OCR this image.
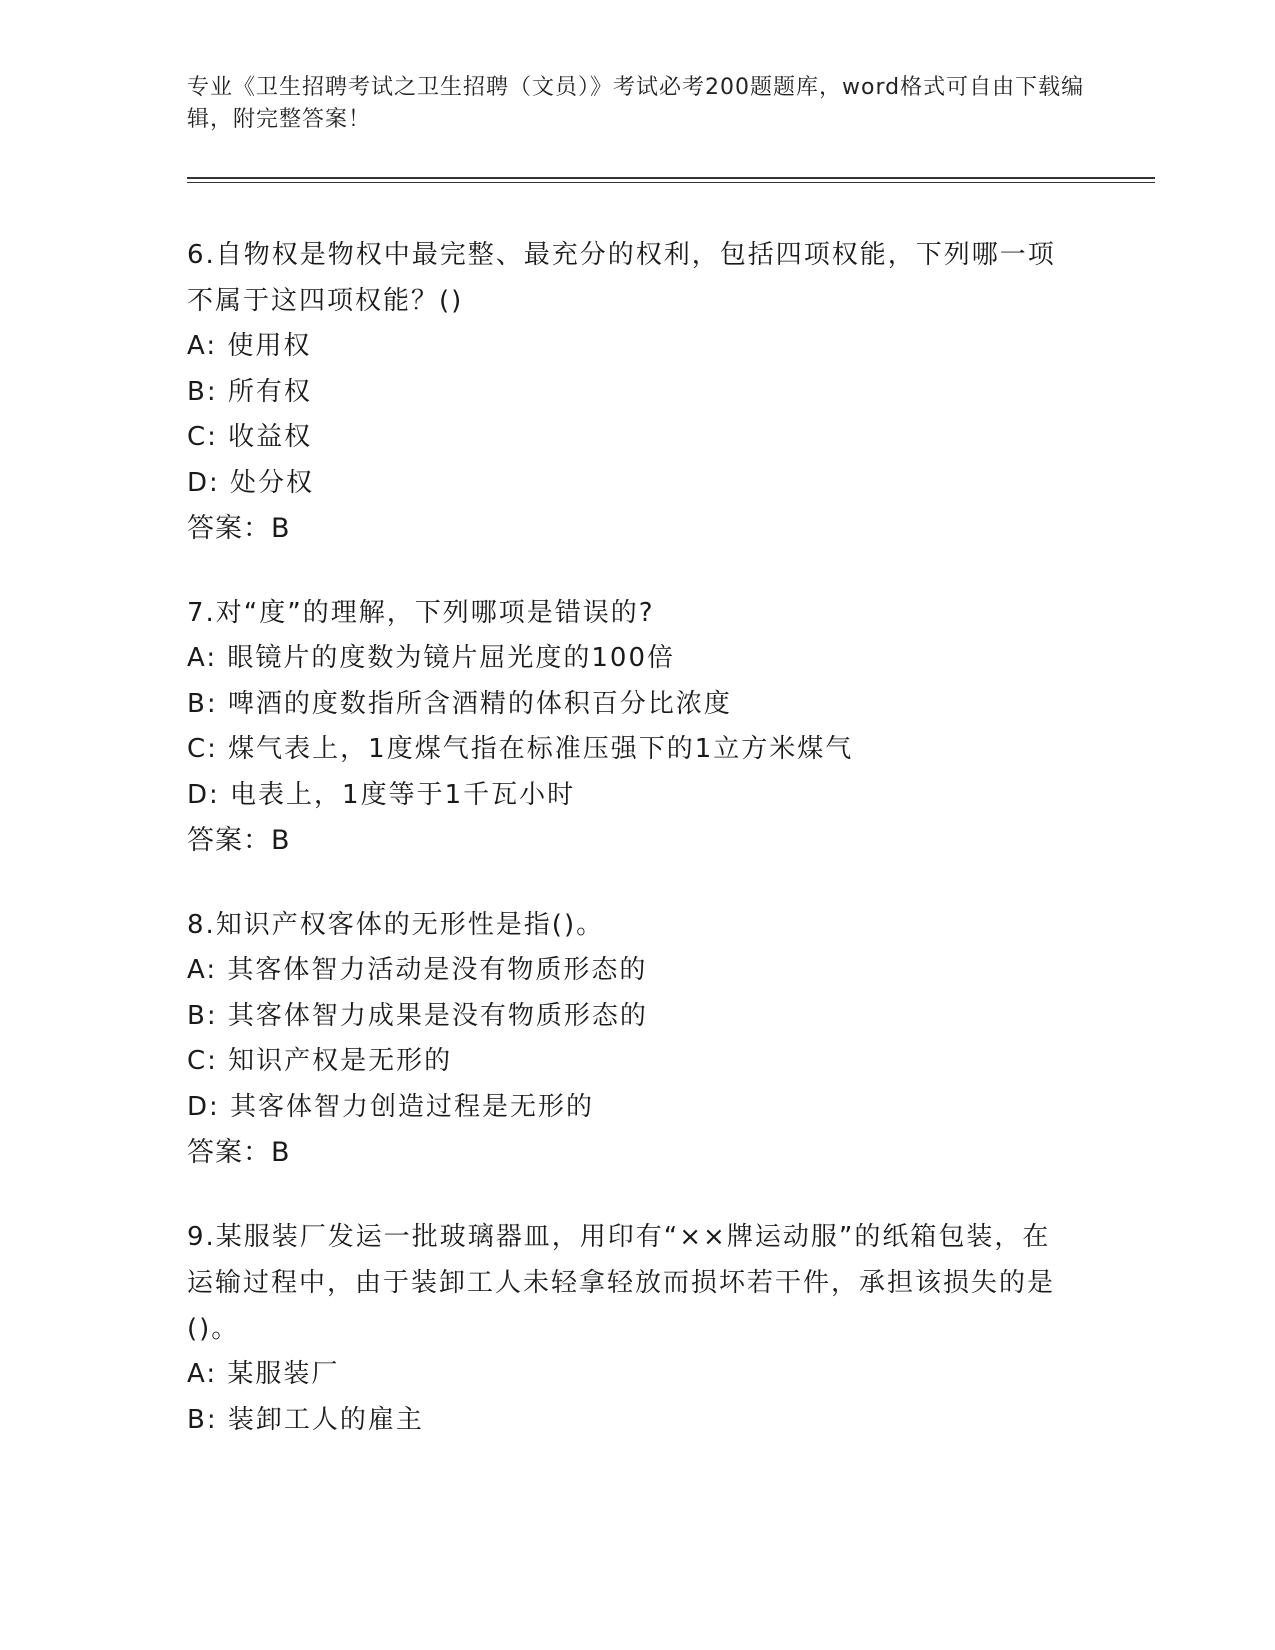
专业《卫生招聘考试之卫生招聘（文员）》考试必考200题题库，word格式可自由下载编辑，附完整答案！

6.自物权是物权中最完整、最充分的权利，包括四项权能，下列哪一项不属于这四项权能？()

A: 使用权

B: 所有权

C: 收益权

D: 处分权

答案：B

7.对“度”的理解，下列哪项是错误的?

A: 眼镜片的度数为镜片屈光度的100倍

B: 啤酒的度数指所含酒精的体积百分比浓度

C: 煤气表上，1度煤气指在标准压强下的1立方米煤气

D: 电表上，1度等于1千瓦小时

答案：B

8.知识产权客体的无形性是指()。

A: 其客体智力活动是没有物质形态的

B: 其客体智力成果是没有物质形态的

C: 知识产权是无形的

D: 其客体智力创造过程是无形的

答案：B

9.某服装厂发运一批玻璃器皿，用印有“××牌运动服”的纸箱包装，在运输过程中，由于装卸工人未轻拿轻放而损坏若干件，承担该损失的是()。

A: 某服装厂

B: 装卸工人的雇主
